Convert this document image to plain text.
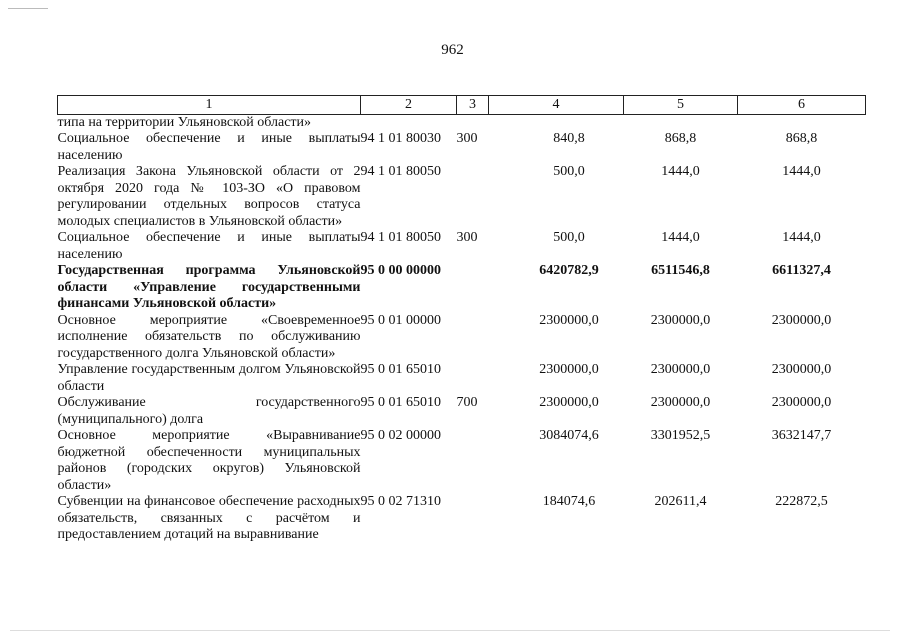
962
1	2	3	4	5	6
типа на территории Ульяновской области»					
Социальное обеспечение и иные выплаты населению	94 1 01 80030	300	840,8	868,8	868,8
Реализация Закона Ульяновской области от 2 октября 2020 года № 103-ЗО «О правовом регулировании отдельных вопросов статуса молодых специалистов в Ульяновской области»	94 1 01 80050		500,0	1444,0	1444,0
Социальное обеспечение и иные выплаты населению	94 1 01 80050	300	500,0	1444,0	1444,0
Государственная программа Ульяновской области «Управление государственными финансами Ульяновской области»	95 0 00 00000		6420782,9	6511546,8	6611327,4
Основное мероприятие «Своевременное исполнение обязательств по обслуживанию государственного долга Ульяновской области»	95 0 01 00000		2300000,0	2300000,0	2300000,0
Управление государственным долгом Ульяновской области	95 0 01 65010		2300000,0	2300000,0	2300000,0
Обслуживание государственного (муниципального) долга	95 0 01 65010	700	2300000,0	2300000,0	2300000,0
Основное мероприятие «Выравнивание бюджетной обеспеченности муниципальных районов (городских округов) Ульяновской области»	95 0 02 00000		3084074,6	3301952,5	3632147,7
Субвенции на финансовое обеспечение расходных обязательств, связанных с расчётом и предоставлением дотаций на выравнивание	95 0 02 71310		184074,6	202611,4	222872,5
